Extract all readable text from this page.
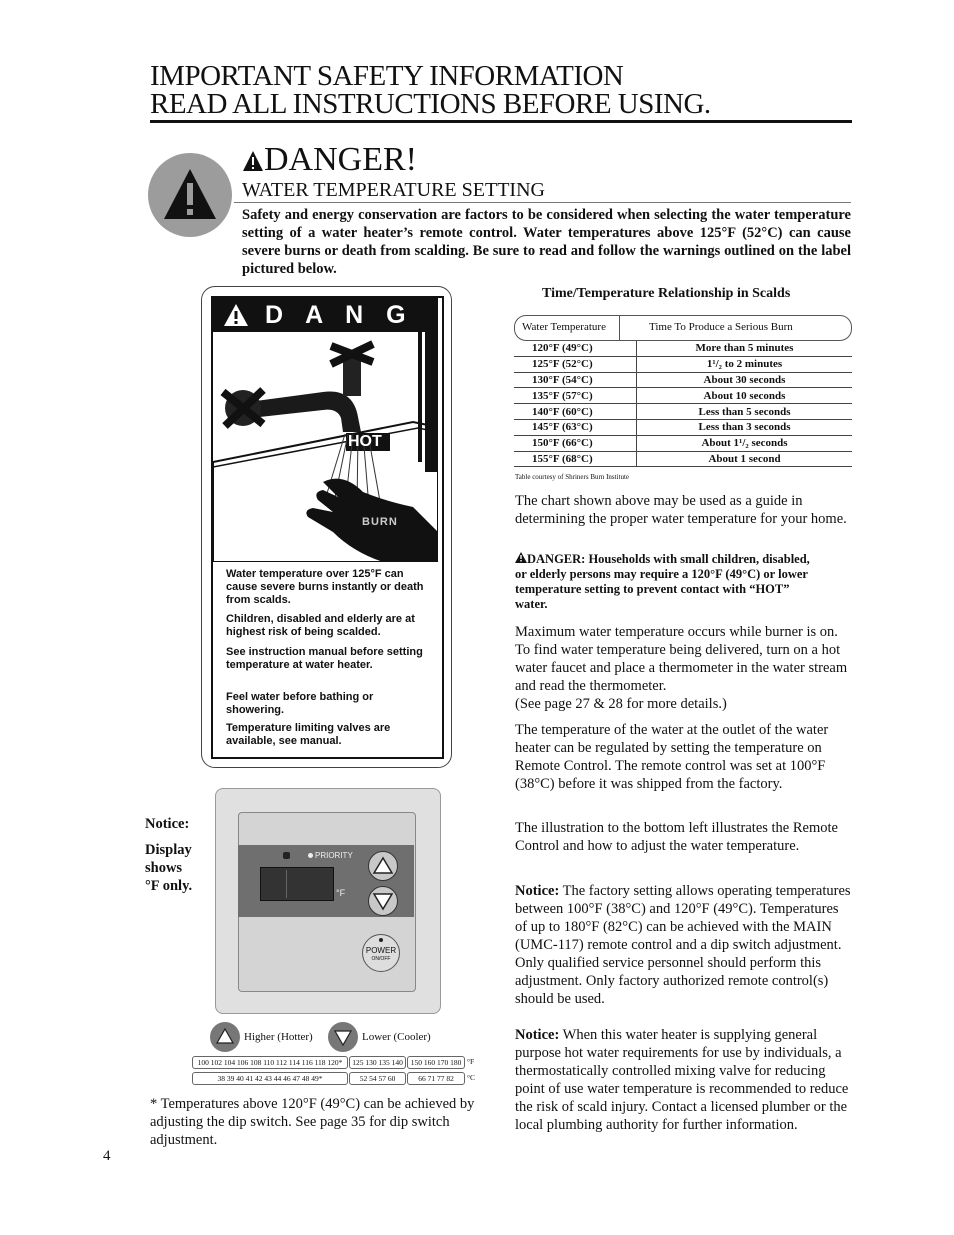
IMPORTANT SAFETY INFORMATION
READ ALL INSTRUCTIONS BEFORE USING.
DANGER!
WATER TEMPERATURE SETTING
Safety and energy conservation are factors to be considered when selecting the water temperature setting of a water heater’s remote control. Water temperatures above 125°F (52°C) can cause severe burns or death from scalding. Be sure to read and follow the warnings outlined on the label pictured below.
D A N G
HOT
BURN
Water temperature over 125°F can cause severe burns instantly or death from scalds.
Children, disabled and elderly are at highest risk of being scalded.
See instruction manual before setting temperature at water heater.
Feel water before bathing or showering.
Temperature limiting valves are available, see manual.
Time/Temperature Relationship in Scalds
Water Temperature	Time To Produce a Serious Burn
120°F (49°C)	More than 5 minutes
125°F (52°C)	1¹/₂ to 2 minutes
130°F (54°C)	About 30 seconds
135°F (57°C)	About 10 seconds
140°F (60°C)	Less than 5 seconds
145°F (63°C)	Less than 3 seconds
150°F (66°C)	About 1¹/₂ seconds
155°F (68°C)	About 1 second
Table courtesy of Shriners Burn Institute
The chart shown above may be used as a guide in determining the proper water temperature for your home.
DANGER: Households with small children, disabled, or elderly persons may require a 120°F (49°C) or lower temperature setting to prevent contact with “HOT” water.
Maximum water temperature occurs while burner is on. To find water temperature being delivered, turn on a hot water faucet and place a thermometer in the water stream and read the thermometer.
(See page 27 & 28 for more details.)
The temperature of the water at the outlet of the water heater can be regulated by setting the temperature on Remote Control. The remote control was set at 100°F (38°C) before it was shipped from the factory.
The illustration to the bottom left illustrates the Remote Control and how to adjust the water temperature.
Notice: The factory setting allows operating temperatures between 100°F (38°C) and 120°F (49°C). Temperatures of up to 180°F (82°C) can be achieved with the MAIN (UMC-117) remote control and a dip switch adjustment. Only qualified service personnel should perform this adjustment. Only factory authorized remote control(s) should be used.
Notice: When this water heater is supplying general purpose hot water requirements for use by individuals, a thermostatically controlled mixing valve for reducing point of use water temperature is recommended to reduce the risk of scald injury. Contact a licensed plumber or the local plumbing authority for further information.
Notice:
Display
shows
°F only.
PRIORITY
°F
POWER
ON/OFF
Higher (Hotter)	Lower (Cooler)
100 102 104 106 108 110 112 114 116 118 120*	125 130 135 140	150 160 170 180 °F
38 39 40 41 42 43 44 46 47 48 49*	52 54 57 60	66 71 77 82	°C
* Temperatures above 120°F (49°C) can be achieved by adjusting the dip switch. See page 35 for dip switch adjustment.
4
